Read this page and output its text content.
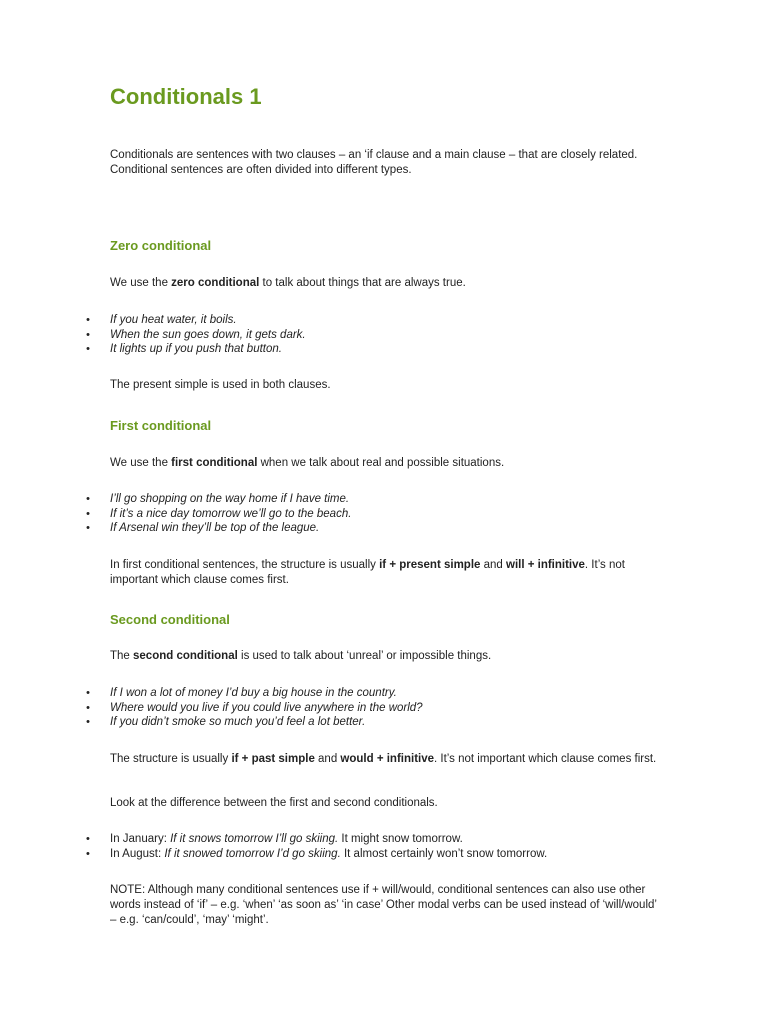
Conditionals 1

Conditionals are sentences with two clauses – an ‘if clause and a main clause – that are closely related. Conditional sentences are often divided into different types.

Zero conditional

We use the zero conditional to talk about things that are always true.

• If you heat water, it boils.
• When the sun goes down, it gets dark.
• It lights up if you push that button.

The present simple is used in both clauses.

First conditional

We use the first conditional when we talk about real and possible situations.

• I’ll go shopping on the way home if I have time.
• If it’s a nice day tomorrow we’ll go to the beach.
• If Arsenal win they’ll be top of the league.

In first conditional sentences, the structure is usually if + present simple and will + infinitive. It’s not important which clause comes first.

Second conditional

The second conditional is used to talk about ‘unreal’ or impossible things.

• If I won a lot of money I’d buy a big house in the country.
• Where would you live if you could live anywhere in the world?
• If you didn’t smoke so much you’d feel a lot better.

The structure is usually if + past simple and would + infinitive. It’s not important which clause comes first.

Look at the difference between the first and second conditionals.

• In January: If it snows tomorrow I’ll go skiing. It might snow tomorrow.
• In August: If it snowed tomorrow I’d go skiing. It almost certainly won’t snow tomorrow.

NOTE: Although many conditional sentences use if + will/would, conditional sentences can also use other words instead of ‘if’ – e.g. ‘when’ ‘as soon as’ ‘in case’ Other modal verbs can be used instead of ‘will/would’ – e.g. ‘can/could’, ‘may’ ‘might’.
